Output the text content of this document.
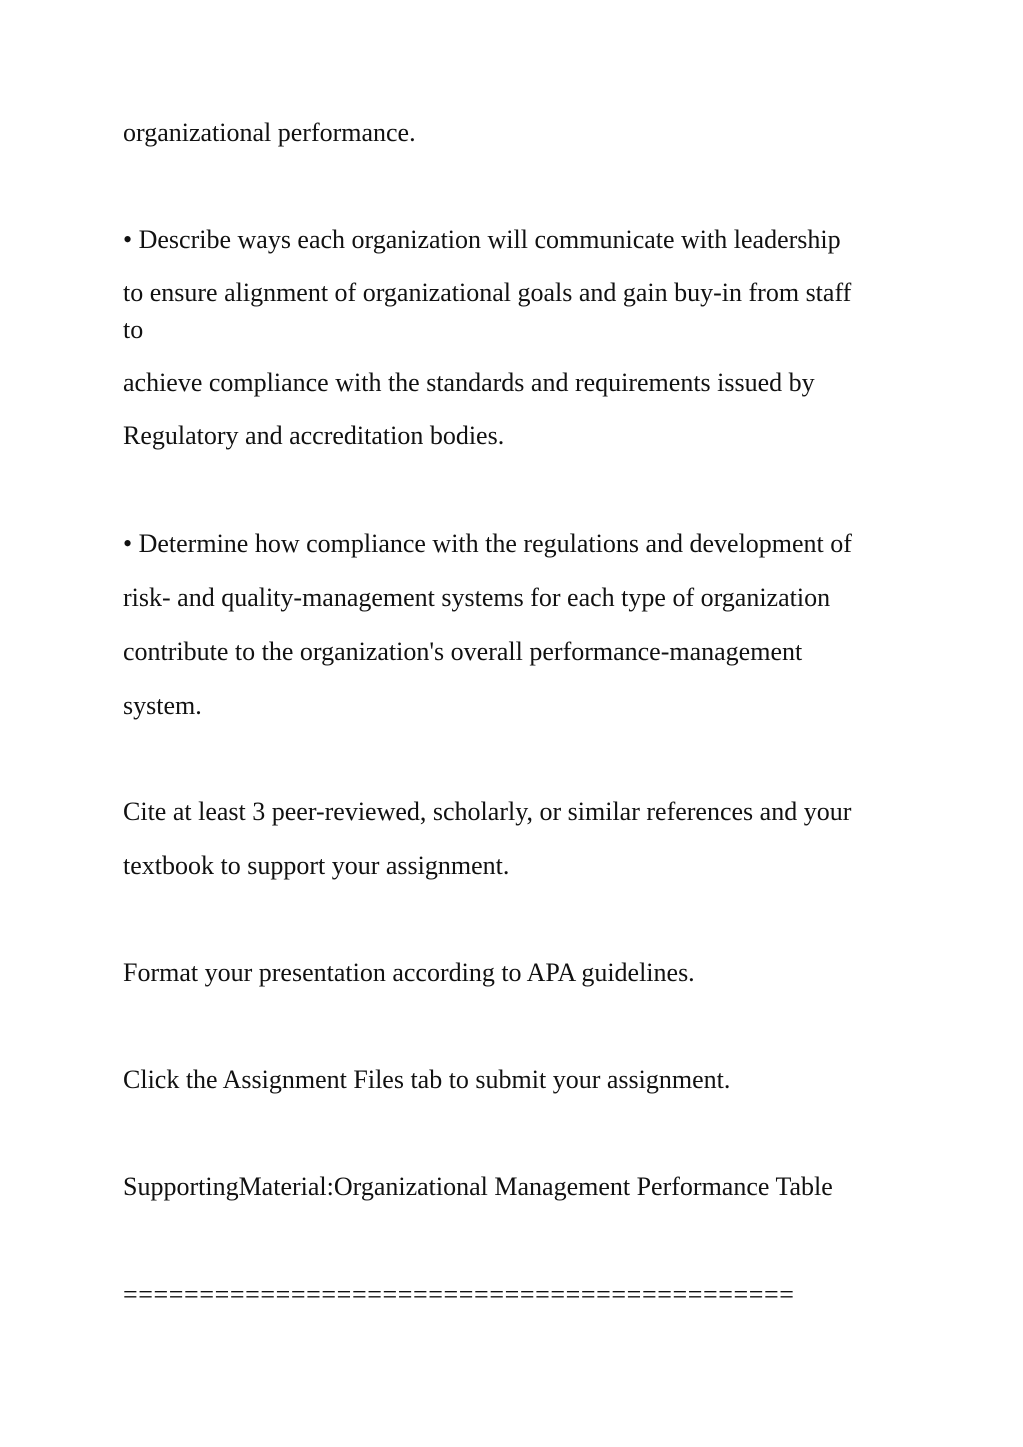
organizational performance.
• Describe ways each organization will communicate with leadership
to ensure alignment of organizational goals and gain buy-in from staff
to
achieve compliance with the standards and requirements issued by
Regulatory and accreditation bodies.
• Determine how compliance with the regulations and development of
risk- and quality-management systems for each type of organization
contribute to the organization's overall performance-management
system.
Cite at least 3 peer-reviewed, scholarly, or similar references and your
textbook to support your assignment.
Format your presentation according to APA guidelines.
Click the Assignment Files tab to submit your assignment.
SupportingMaterial:Organizational Management Performance Table
============================================
